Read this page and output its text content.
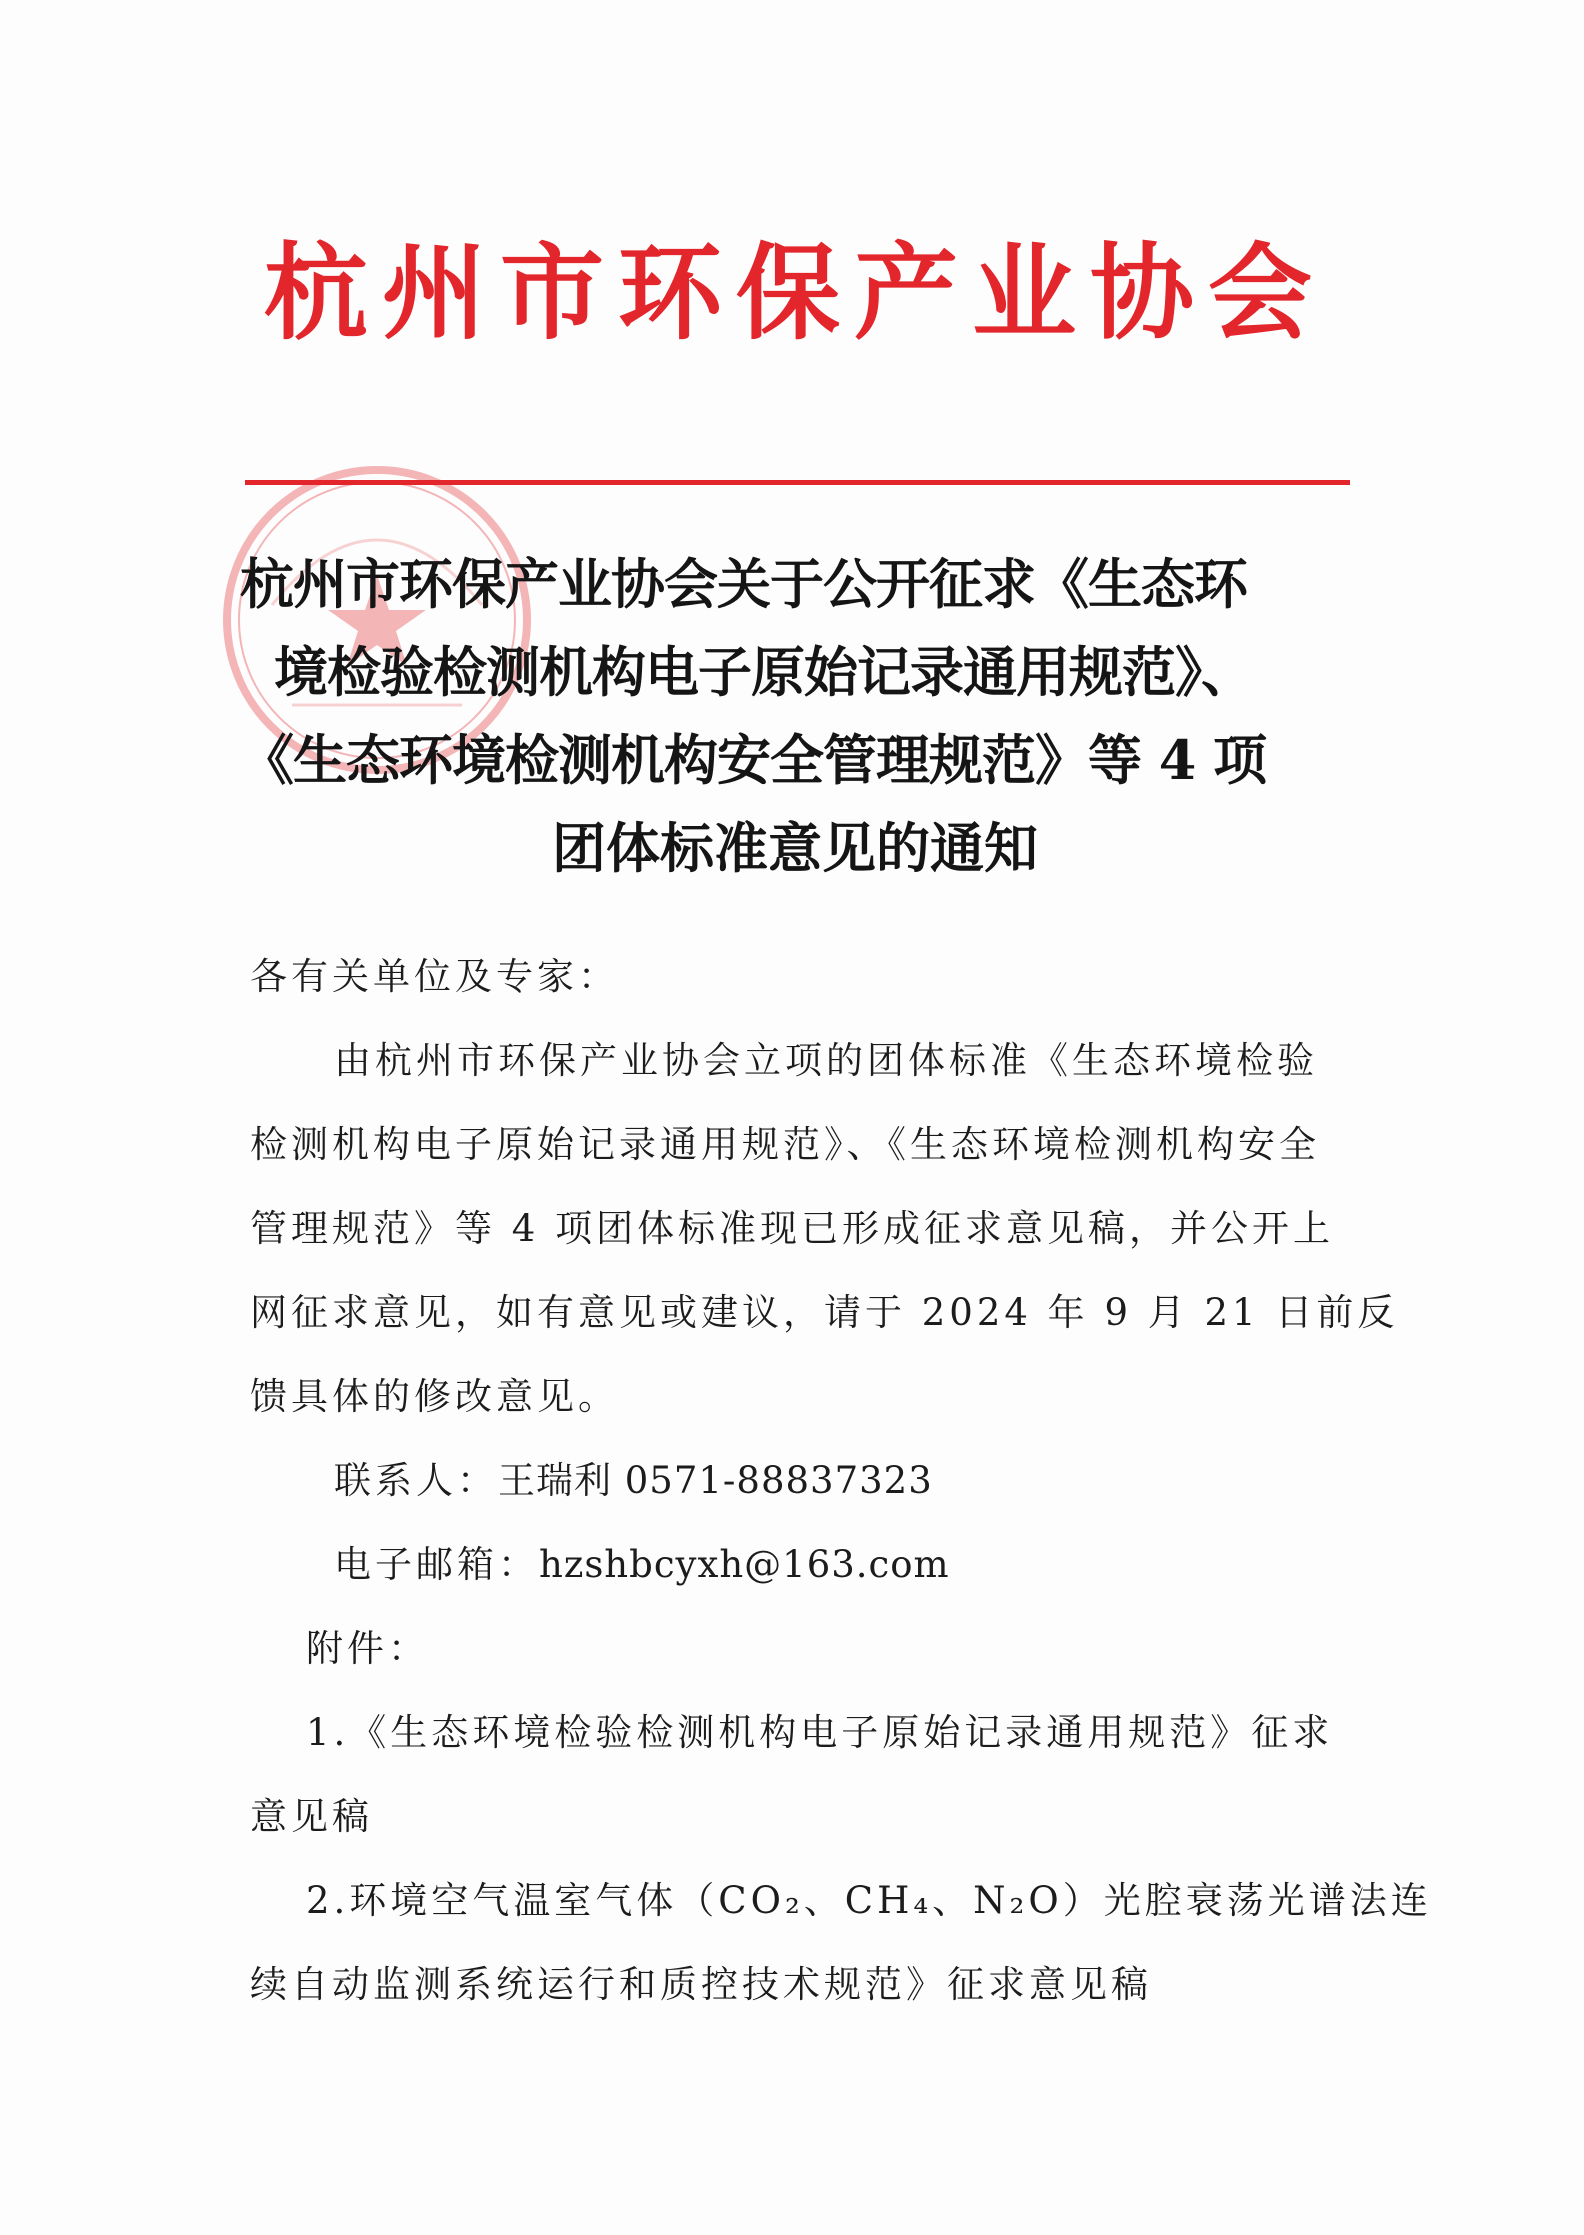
杭州市环保产业协会
杭州市环保产业协会关于公开征求《生态环
境检验检测机构电子原始记录通用规范》、
《生态环境检测机构安全管理规范》等 4 项
团体标准意见的通知
各有关单位及专家：
由杭州市环保产业协会立项的团体标准《生态环境检验
检测机构电子原始记录通用规范》、《生态环境检测机构安全
管理规范》等 4 项团体标准现已形成征求意见稿，并公开上
网征求意见，如有意见或建议，请于 2024 年 9 月 21 日前反
馈具体的修改意见。
联系人：王瑞利 0571-88837323
电子邮箱：hzshbcyxh@163.com
附件：
1.《生态环境检验检测机构电子原始记录通用规范》征求
意见稿
2.环境空气温室气体（CO₂、CH₄、N₂O）光腔衰荡光谱法连
续自动监测系统运行和质控技术规范》征求意见稿
